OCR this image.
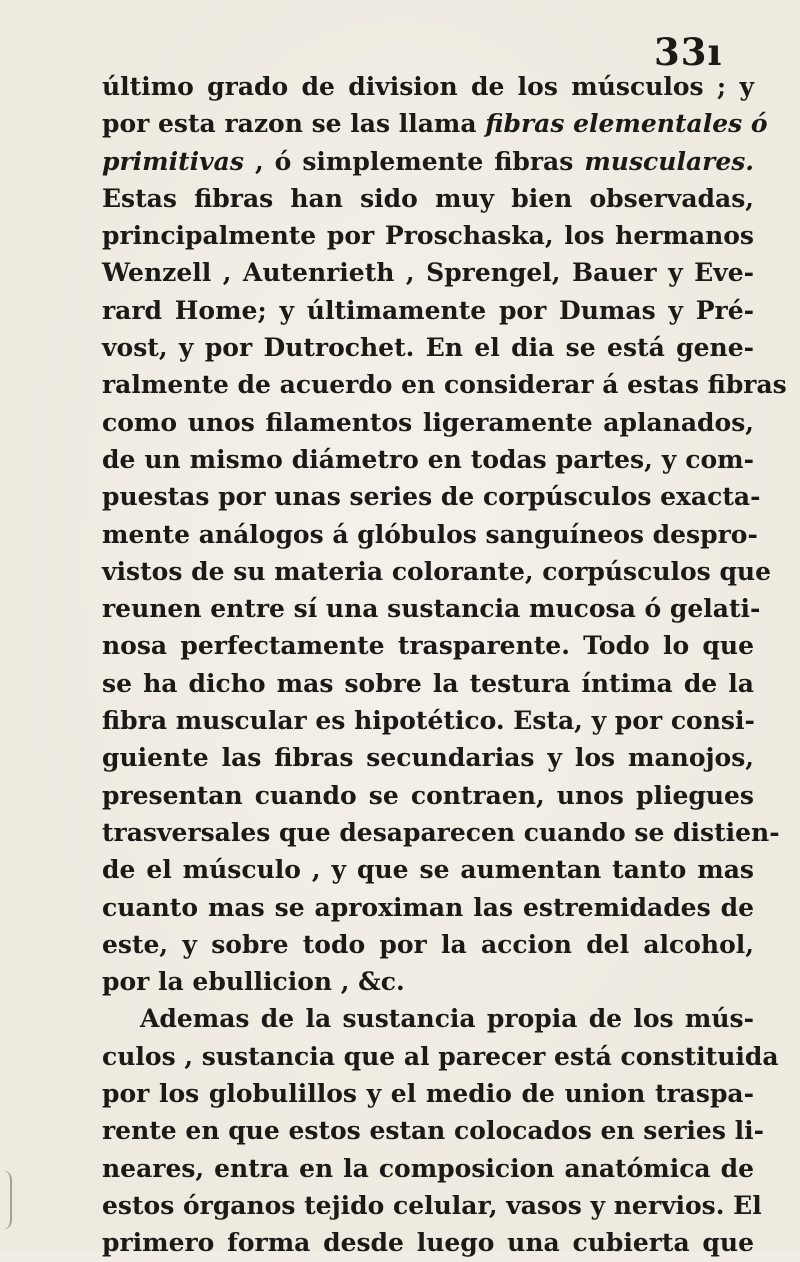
33ı
último grado de division de los músculos ; y
por esta razon se las llama fibras elementales ó
primitivas , ó simplemente fibras musculares.
Estas fibras han sido muy bien observadas,
principalmente por Proschaska, los hermanos
Wenzell , Autenrieth , Sprengel, Bauer y Eve-
rard Home; y últimamente por Dumas y Pré-
vost, y por Dutrochet. En el dia se está gene-
ralmente de acuerdo en considerar á estas fibras
como unos filamentos ligeramente aplanados,
de un mismo diámetro en todas partes, y com-
puestas por unas series de corpúsculos exacta-
mente análogos á glóbulos sanguíneos despro-
vistos de su materia colorante, corpúsculos que
reunen entre sí una sustancia mucosa ó gelati-
nosa perfectamente trasparente. Todo lo que
se ha dicho mas sobre la testura íntima de la
fibra muscular es hipotético. Esta, y por consi-
guiente las fibras secundarias y los manojos,
presentan cuando se contraen, unos pliegues
trasversales que desaparecen cuando se distien-
de el músculo , y que se aumentan tanto mas
cuanto mas se aproximan las estremidades de
este, y sobre todo por la accion del alcohol,
por la ebullicion , &c.
Ademas de la sustancia propia de los mús-
culos , sustancia que al parecer está constituida
por los globulillos y el medio de union traspa-
rente en que estos estan colocados en series li-
neares, entra en la composicion anatómica de
estos órganos tejido celular, vasos y nervios. El
primero forma desde luego una cubierta que
